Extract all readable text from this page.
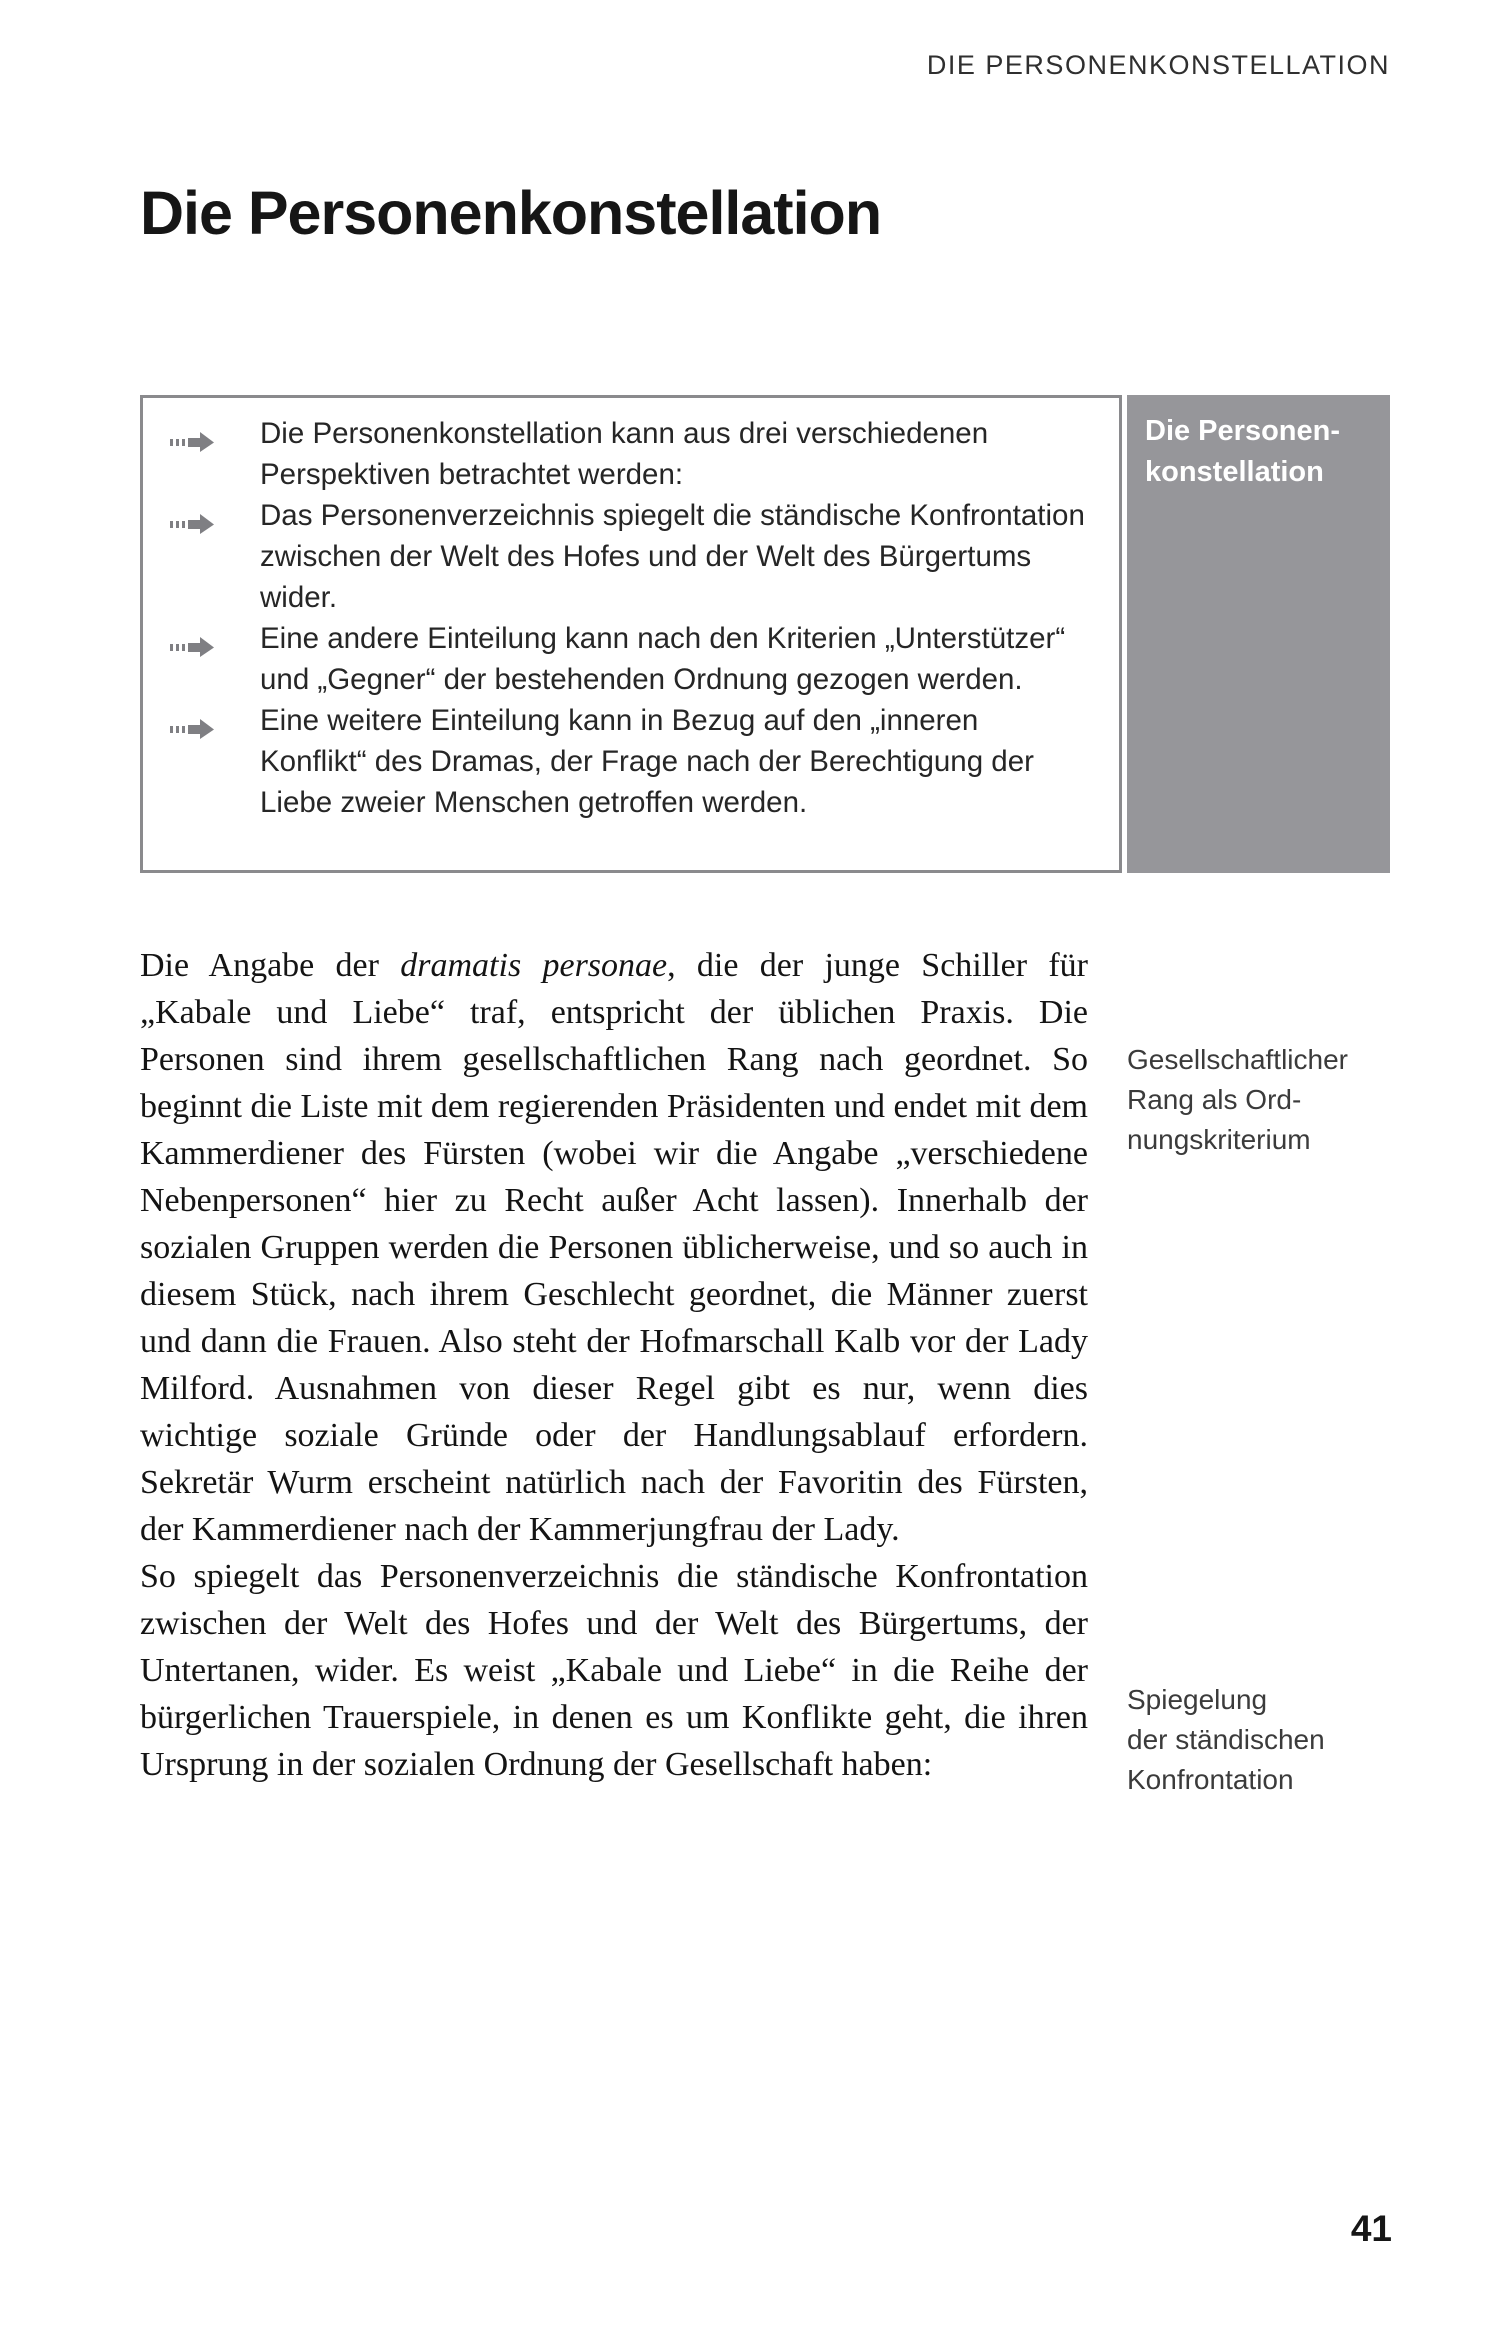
DIE PERSONENKONSTELLATION
Die Personenkonstellation
Die Personenkonstellation kann aus drei verschiedenen Perspektiven betrachtet werden:
Das Personenverzeichnis spiegelt die ständische Konfrontation zwischen der Welt des Hofes und der Welt des Bürgertums wider.
Eine andere Einteilung kann nach den Kriterien „Unterstützer“ und „Gegner“ der bestehenden Ordnung gezogen werden.
Eine weitere Einteilung kann in Bezug auf den „inneren Konflikt“ des Dramas, der Frage nach der Berechtigung der Liebe zweier Menschen getroffen werden.
Die Personen-
konstellation

Die Angabe der dramatis personae, die der junge Schiller für „Kabale und Liebe“ traf, entspricht der üblichen Praxis. Die Personen sind ihrem gesellschaftlichen Rang nach geordnet. So beginnt die Liste mit dem regierenden Präsidenten und endet mit dem Kammerdiener des Fürsten (wobei wir die Angabe „verschiedene Nebenpersonen“ hier zu Recht außer Acht lassen). Innerhalb der sozialen Gruppen werden die Personen üblicherweise, und so auch in diesem Stück, nach ihrem Geschlecht geordnet, die Männer zuerst und dann die Frauen. Also steht der Hofmarschall Kalb vor der Lady Milford. Ausnahmen von dieser Regel gibt es nur, wenn dies wichtige soziale Gründe oder der Handlungsablauf erfordern. Sekretär Wurm erscheint natürlich nach der Favoritin des Fürsten, der Kammerdiener nach der Kammerjungfrau der Lady.

So spiegelt das Personenverzeichnis die ständische Konfrontation zwischen der Welt des Hofes und der Welt des Bürgertums, der Untertanen, wider. Es weist „Kabale und Liebe“ in die Reihe der bürgerlichen Trauerspiele, in denen es um Konflikte geht, die ihren Ursprung in der sozialen Ordnung der Gesellschaft haben:

Gesellschaftlicher
Rang als Ord-
nungskriterium
Spiegelung
der ständischen
Konfrontation
41
